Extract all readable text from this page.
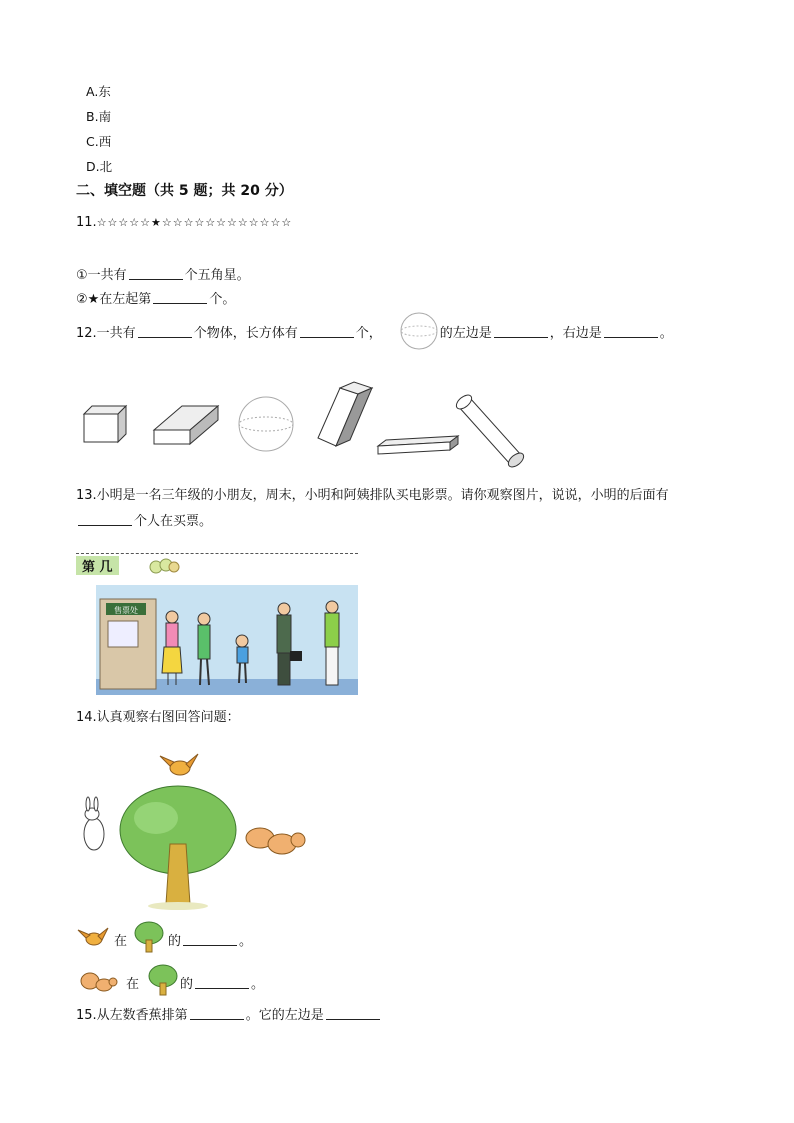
A.东
B.南
C.西
D.北
二、填空题（共 5 题；共 20 分）
11.☆☆☆☆☆★☆☆☆☆☆☆☆☆☆☆☆☆
①一共有	个五角星。
②★在左起第	个。
12.一共有	个物体，长方体有	个，	的左边是	，右边是	。
13.小明是一名三年级的小朋友，周末，小明和阿姨排队买电影票。请你观察图片，说说，小明的后面有
个人在买票。
第 几
售票处
14.认真观察右图回答问题：
在	的	。
在	的	。
15.从左数香蕉排第	。它的左边是
